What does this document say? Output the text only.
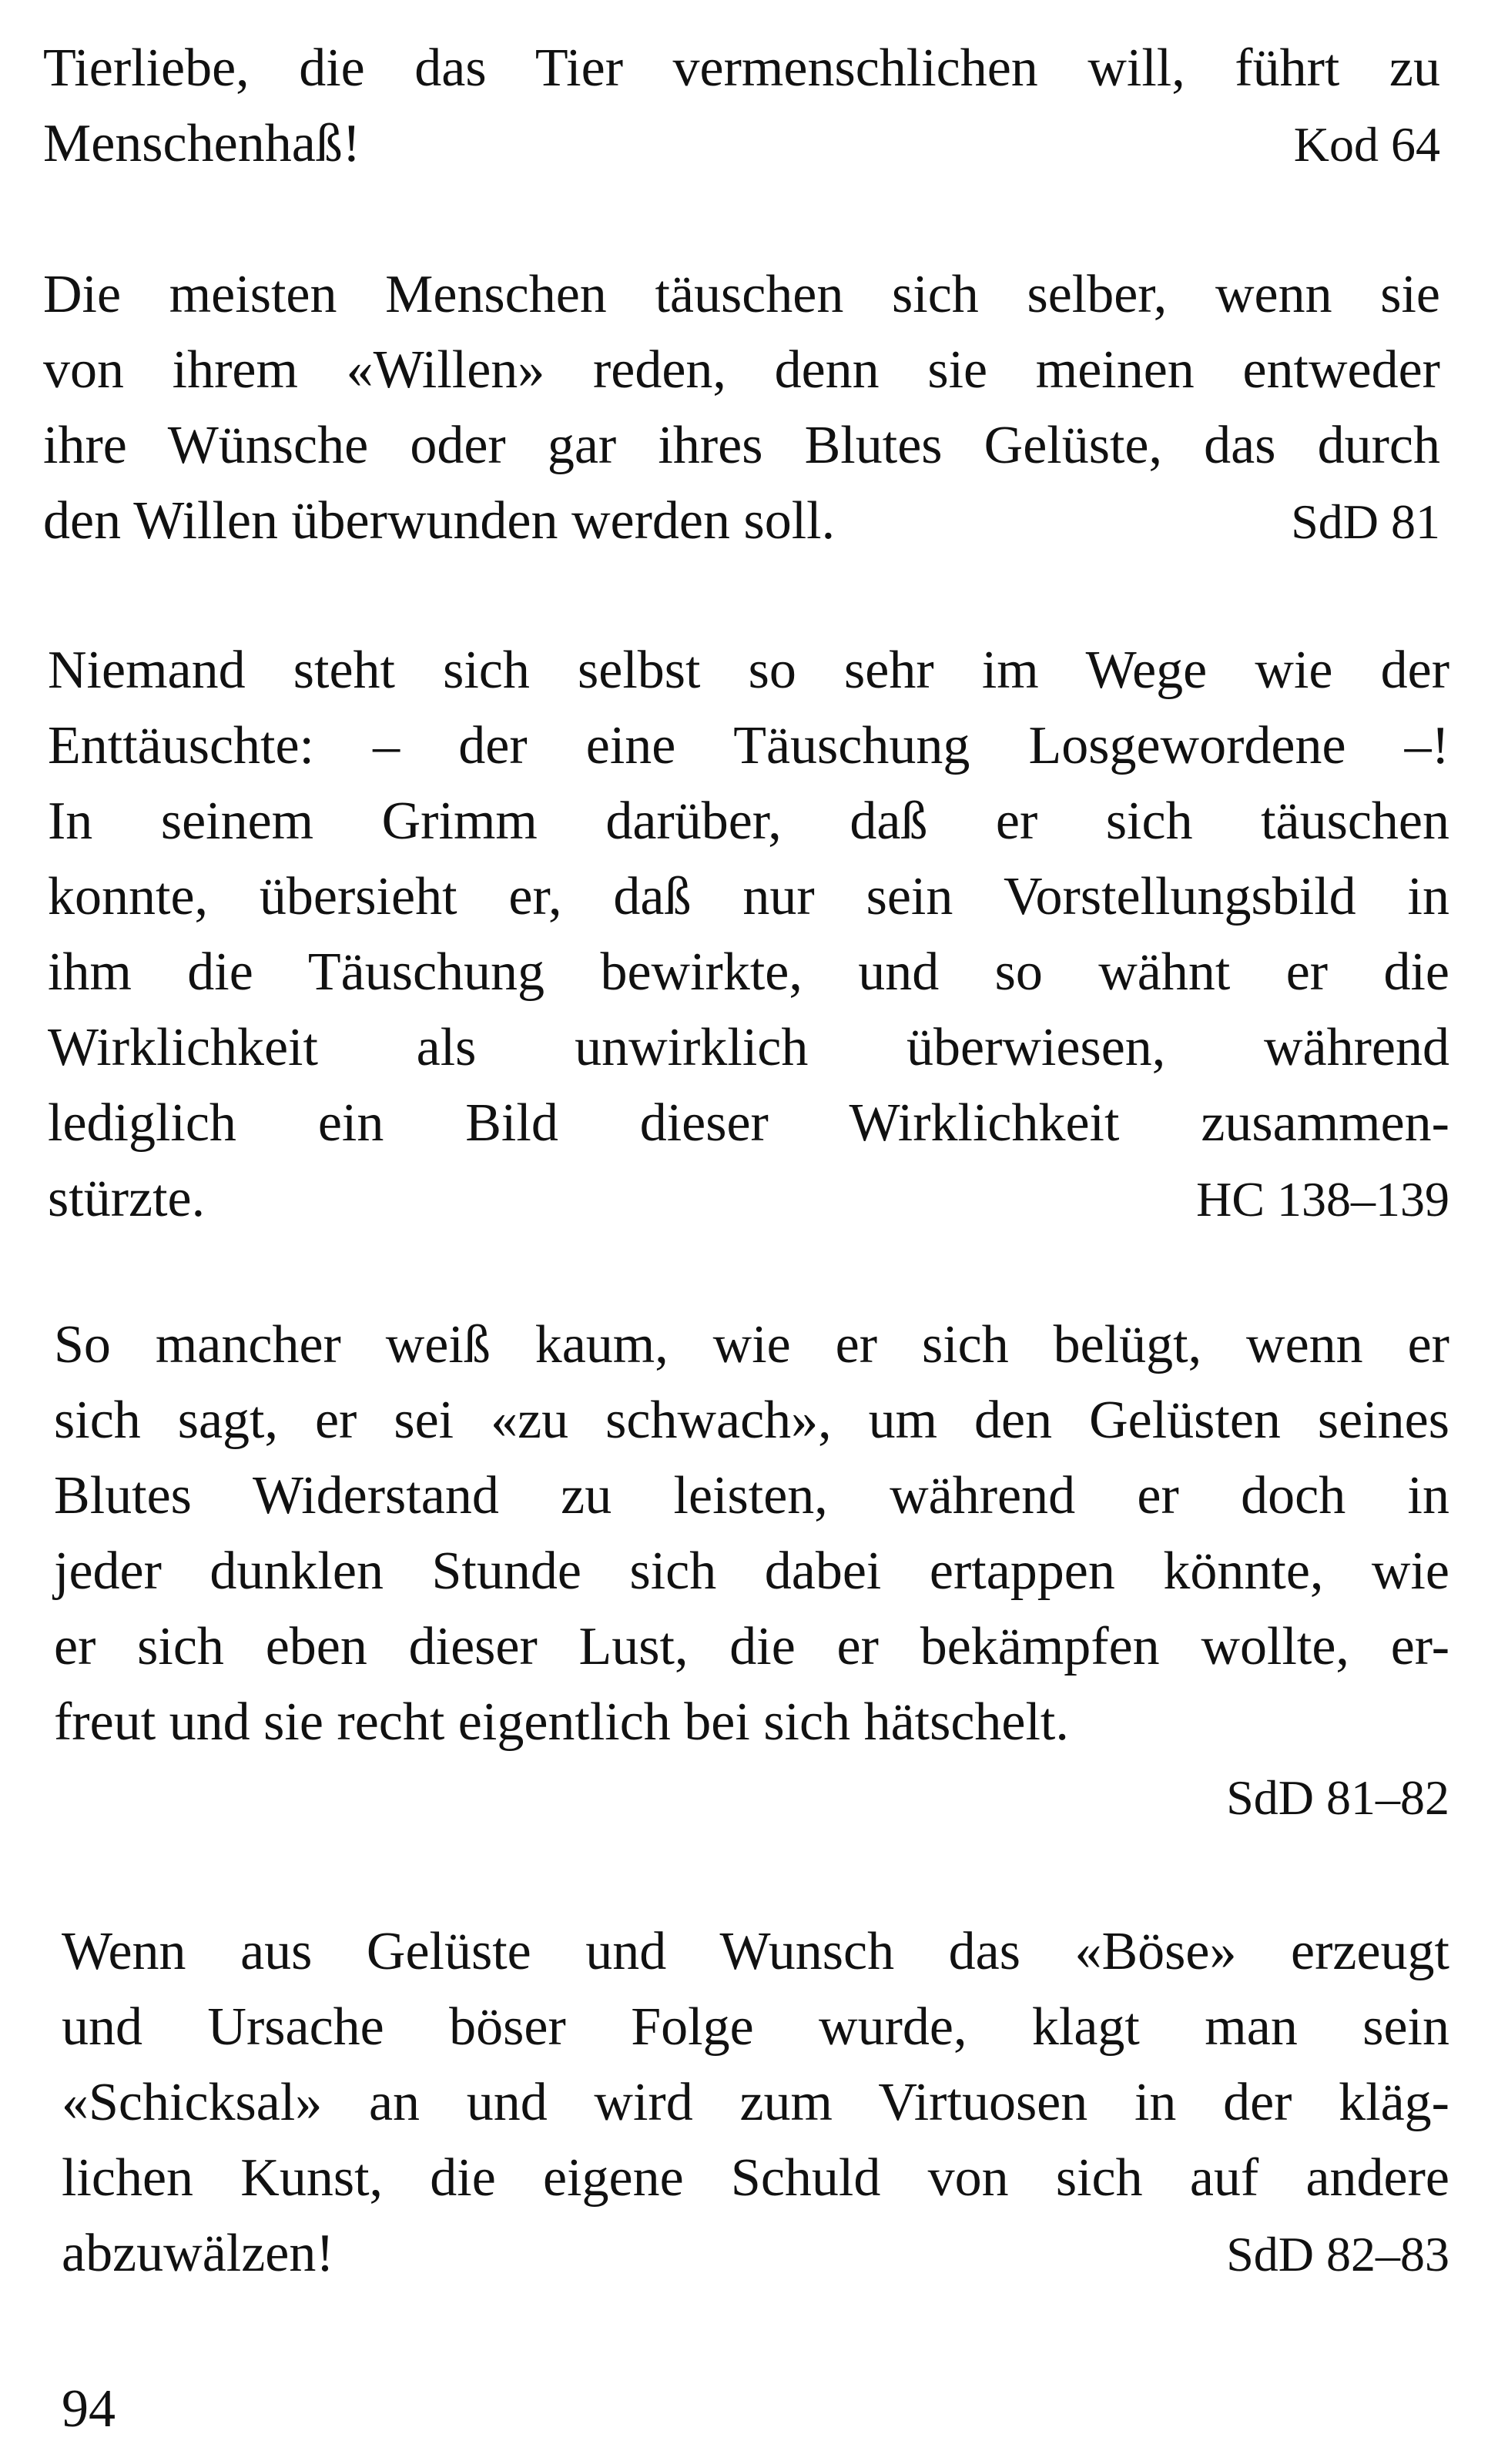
Tierliebe, die das Tier vermenschlichen will, führt zu
Menschenhaß!	Kod 64
Die meisten Menschen täuschen sich selber, wenn sie
von ihrem «Willen» reden, denn sie meinen entweder
ihre Wünsche oder gar ihres Blutes Gelüste, das durch
den Willen überwunden werden soll.	SdD 81
Niemand steht sich selbst so sehr im Wege wie der
Enttäuschte: – der eine Täuschung Losgewordene –!
In seinem Grimm darüber, daß er sich täuschen
konnte, übersieht er, daß nur sein Vorstellungsbild in
ihm die Täuschung bewirkte, und so wähnt er die
Wirklichkeit als unwirklich überwiesen, während
lediglich ein Bild dieser Wirklichkeit zusammen-
stürzte.	HC 138–139
So mancher weiß kaum, wie er sich belügt, wenn er
sich sagt, er sei «zu schwach», um den Gelüsten seines
Blutes Widerstand zu leisten, während er doch in
jeder dunklen Stunde sich dabei ertappen könnte, wie
er sich eben dieser Lust, die er bekämpfen wollte, er-
freut und sie recht eigentlich bei sich hätschelt.
SdD 81–82
Wenn aus Gelüste und Wunsch das «Böse» erzeugt
und Ursache böser Folge wurde, klagt man sein
«Schicksal» an und wird zum Virtuosen in der kläg-
lichen Kunst, die eigene Schuld von sich auf andere
abzuwälzen!	SdD 82–83
94
